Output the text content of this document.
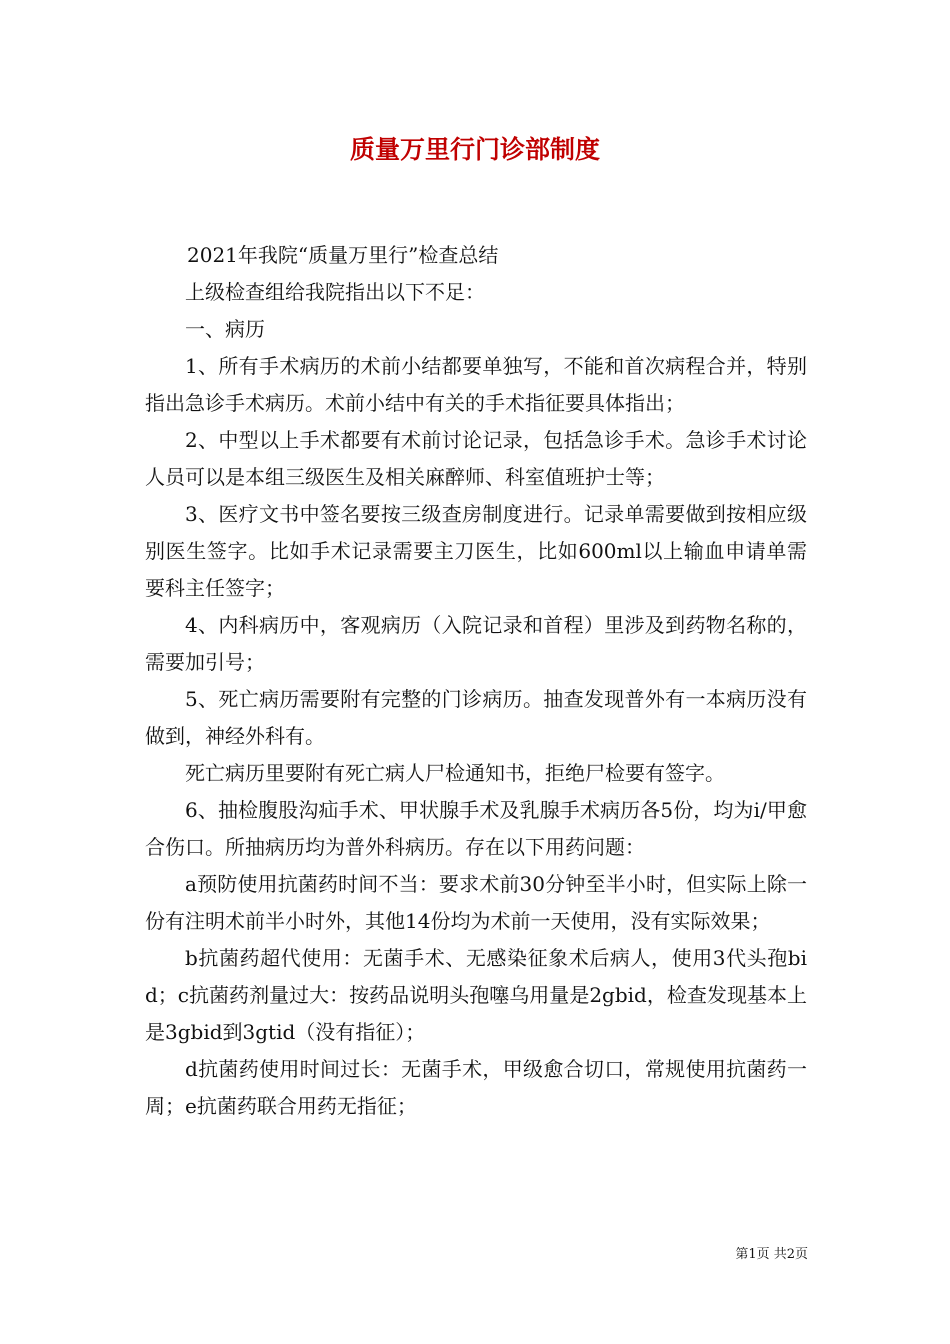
质量万里行门诊部制度

2021年我院“质量万里行”检查总结

上级检查组给我院指出以下不足：

一、病历

1、所有手术病历的术前小结都要单独写，不能和首次病程合并，特别指出急诊手术病历。术前小结中有关的手术指征要具体指出；

2、中型以上手术都要有术前讨论记录，包括急诊手术。急诊手术讨论人员可以是本组三级医生及相关麻醉师、科室值班护士等；

3、医疗文书中签名要按三级查房制度进行。记录单需要做到按相应级别医生签字。比如手术记录需要主刀医生，比如600ml以上输血申请单需要科主任签字；

4、内科病历中，客观病历（入院记录和首程）里涉及到药物名称的，需要加引号；

5、死亡病历需要附有完整的门诊病历。抽查发现普外有一本病历没有做到，神经外科有。

死亡病历里要附有死亡病人尸检通知书，拒绝尸检要有签字。

6、抽检腹股沟疝手术、甲状腺手术及乳腺手术病历各5份，均为i/甲愈合伤口。所抽病历均为普外科病历。存在以下用药问题：

a预防使用抗菌药时间不当：要求术前30分钟至半小时，但实际上除一份有注明术前半小时外，其他14份均为术前一天使用，没有实际效果；

b抗菌药超代使用：无菌手术、无感染征象术后病人，使用3代头孢bid；c抗菌药剂量过大：按药品说明头孢噻乌用量是2gbid，检查发现基本上是3gbid到3gtid（没有指征）；

d抗菌药使用时间过长：无菌手术，甲级愈合切口，常规使用抗菌药一周；e抗菌药联合用药无指征；

第1页 共2页
